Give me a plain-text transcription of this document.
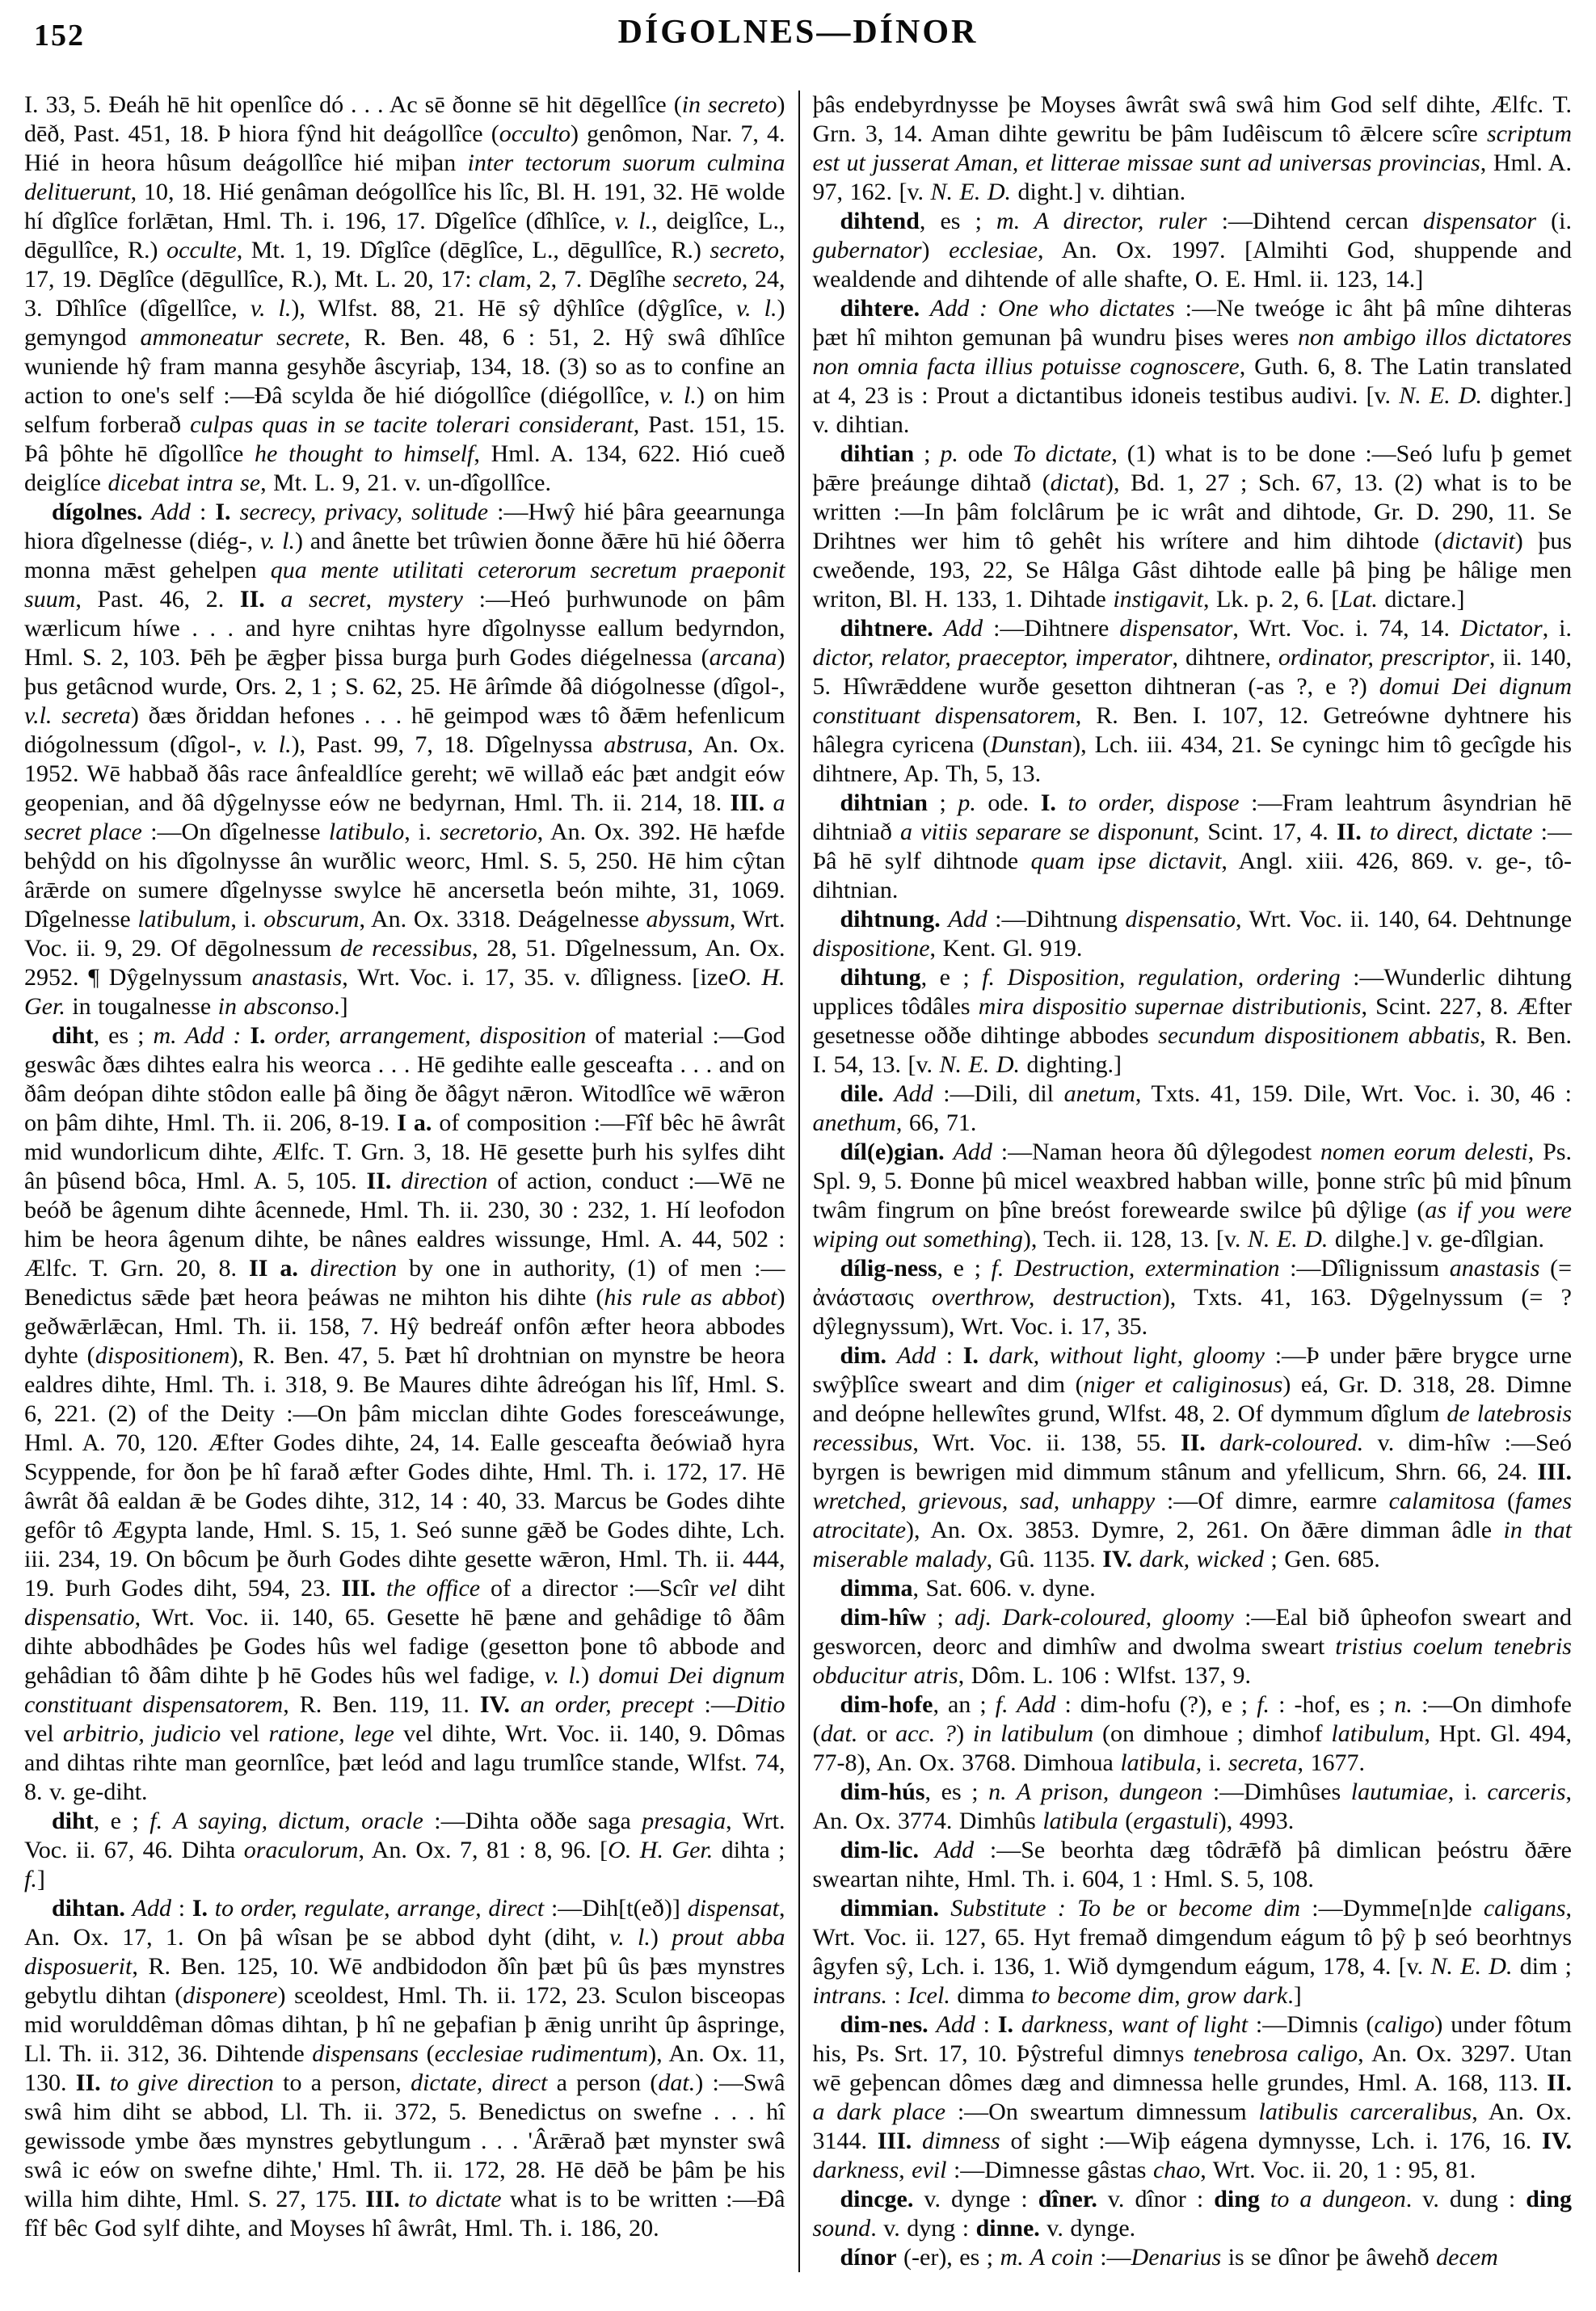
152	DÍGOLNES—DÍNOR

I. 33, 5. Ðeáh hē hit openlîce dó . . . Ac sē ðonne sē hit dēgellîce (in secreto) dēð, Past. 451, 18. Þ hiora fŷnd hit deágollîce (occulto) genômon, Nar. 7, 4. Hié in heora hûsum deágollîce hié miþan inter tectorum suorum culmina delituerunt, 10, 18. Hié genâman deógollîce his lîc, Bl. H. 191, 32. Hē wolde hí dîglîce forlǣtan, Hml. Th. i. 196, 17. Dîgelîce (dîhlîce, v. l., deiglîce, L., dēgullîce, R.) occulte, Mt. 1, 19. Dîglîce (dēglîce, L., dēgullîce, R.) secreto, 17, 19. Dēglîce (dēgullîce, R.), Mt. L. 20, 17: clam, 2, 7. Dēglîhe secreto, 24, 3. Dîhlîce (dîgellîce, v. l.), Wlfst. 88, 21. Hē sŷ dŷhlîce (dŷglîce, v. l.) gemyngod ammoneatur secrete, R. Ben. 48, 6 : 51, 2. Hŷ swâ dîhlîce wuniende hŷ fram manna gesyhðe âscyriaþ, 134, 18. (3) so as to confine an action to one's self :—Ðâ scylda ðe hié diógollîce (diégollîce, v. l.) on him selfum forberað culpas quas in se tacite tolerari considerant, Past. 151, 15. Þâ þôhte hē dîgollîce he thought to himself, Hml. A. 134, 622. Hió cueð deiglíce dicebat intra se, Mt. L. 9, 21. v. un-dîgollîce.

dígolnes. Add : I. secrecy, privacy, solitude :—Hwŷ hié þâra geearnunga hiora dîgelnesse (diég-, v. l.) and ânette bet trûwien ðonne ðǣre hū hié ôðerra monna mǣst gehelpen qua mente utilitati ceterorum secretum praeponit suum, Past. 46, 2. II. a secret, mystery :—Heó þurhwunode on þâm wærlicum híwe . . . and hyre cnihtas hyre dîgolnysse eallum bedyrndon, Hml. S. 2, 103. Þēh þe ǣgþer þissa burga þurh Godes diégelnessa (arcana) þus getâcnod wurde, Ors. 2, 1 ; S. 62, 25. Hē ârîmde ðâ diógolnesse (dîgol-, v.l. secreta) ðæs ðriddan hefones . . . hē geimpod wæs tô ðǣm hefenlicum diógolnessum (dîgol-, v. l.), Past. 99, 7, 18. Dîgelnyssa abstrusa, An. Ox. 1952. Wē habbað ðâs race ânfealdlíce gereht; wē willað eác þæt andgit eów geopenian, and ðâ dŷgelnysse eów ne bedyrnan, Hml. Th. ii. 214, 18. III. a secret place :—On dîgelnesse latibulo, i. secretorio, An. Ox. 392. Hē hæfde behŷdd on his dîgolnysse ân wurðlic weorc, Hml. S. 5, 250. Hē him cŷtan ârǣrde on sumere dîgelnysse swylce hē ancersetla beón mihte, 31, 1069. Dîgelnesse latibulum, i. obscurum, An. Ox. 3318. Deágelnesse abyssum, Wrt. Voc. ii. 9, 29. Of dēgolnessum de recessibus, 28, 51. Dîgelnessum, An. Ox. 2952. ¶ Dŷgelnyssum anastasis, Wrt. Voc. i. 17, 35. v. dîligness. [izeO. H. Ger. in tougalnesse in absconso.]

diht, es ; m. Add : I. order, arrangement, disposition of material :—God geswâc ðæs dihtes ealra his weorca . . . Hē gedihte ealle gesceafta . . . and on ðâm deópan dihte stôdon ealle þâ ðing ðe ðâgyt nǣron. Witodlîce wē wǣron on þâm dihte, Hml. Th. ii. 206, 8-19. I a. of composition :—Fîf bêc hē âwrât mid wundorlicum dihte, Ælfc. T. Grn. 3, 18. Hē gesette þurh his sylfes diht ân þûsend bôca, Hml. A. 5, 105. II. direction of action, conduct :—Wē ne beóð be âgenum dihte âcennede, Hml. Th. ii. 230, 30 : 232, 1. Hí leofodon him be heora âgenum dihte, be nânes ealdres wissunge, Hml. A. 44, 502 : Ælfc. T. Grn. 20, 8. II a. direction by one in authority, (1) of men :—Benedictus sǣde þæt heora þeáwas ne mihton his dihte (his rule as abbot) geðwǣrlǣcan, Hml. Th. ii. 158, 7. Hŷ bedreáf onfôn æfter heora abbodes dyhte (dispositionem), R. Ben. 47, 5. Þæt hî drohtnian on mynstre be heora ealdres dihte, Hml. Th. i. 318, 9. Be Maures dihte âdreógan his lîf, Hml. S. 6, 221. (2) of the Deity :—On þâm micclan dihte Godes foresceáwunge, Hml. A. 70, 120. Æfter Godes dihte, 24, 14. Ealle gesceafta ðeówiað hyra Scyppende, for ðon þe hî farað æfter Godes dihte, Hml. Th. i. 172, 17. Hē âwrât ðâ ealdan ǣ be Godes dihte, 312, 14 : 40, 33. Marcus be Godes dihte gefôr tô Ægypta lande, Hml. S. 15, 1. Seó sunne gǣð be Godes dihte, Lch. iii. 234, 19. On bôcum þe ðurh Godes dihte gesette wǣron, Hml. Th. ii. 444, 19. Þurh Godes diht, 594, 23. III. the office of a director :—Scîr vel diht dispensatio, Wrt. Voc. ii. 140, 65. Gesette hē þæne and gehâdige tô ðâm dihte abbodhâdes þe Godes hûs wel fadige (gesetton þone tô abbode and gehâdian tô ðâm dihte þ hē Godes hûs wel fadige, v. l.) domui Dei dignum constituant dispensatorem, R. Ben. 119, 11. IV. an order, precept :—Ditio vel arbitrio, judicio vel ratione, lege vel dihte, Wrt. Voc. ii. 140, 9. Dômas and dihtas rihte man geornlîce, þæt leód and lagu trumlîce stande, Wlfst. 74, 8. v. ge-diht.

diht, e ; f. A saying, dictum, oracle :—Dihta oððe saga presagia, Wrt. Voc. ii. 67, 46. Dihta oraculorum, An. Ox. 7, 81 : 8, 96. [O. H. Ger. dihta ; f.]

dihtan. Add : I. to order, regulate, arrange, direct :—Dih[t(eð)] dispensat, An. Ox. 17, 1. On þâ wîsan þe se abbod dyht (diht, v. l.) prout abba disposuerit, R. Ben. 125, 10. Wē andbidodon ðîn þæt þû ûs þæs mynstres gebytlu dihtan (disponere) sceoldest, Hml. Th. ii. 172, 23. Sculon bisceopas mid worulddêman dômas dihtan, þ hî ne geþafian þ ǣnig unriht ûp âspringe, Ll. Th. ii. 312, 36. Dihtende dispensans (ecclesiae rudimentum), An. Ox. 11, 130. II. to give direction to a person, dictate, direct a person (dat.) :—Swâ swâ him diht se abbod, Ll. Th. ii. 372, 5. Benedictus on swefne . . . hî gewissode ymbe ðæs mynstres gebytlungum . . . 'Ârǣrað þæt mynster swâ swâ ic eów on swefne dihte,' Hml. Th. ii. 172, 28. Hē dēð be þâm þe his willa him dihte, Hml. S. 27, 175. III. to dictate what is to be written :—Ðâ fîf bêc God sylf dihte, and Moyses hî âwrât, Hml. Th. i. 186, 20.

þâs endebyrdnysse þe Moyses âwrât swâ swâ him God self dihte, Ælfc. T. Grn. 3, 14. Aman dihte gewritu be þâm Iudêiscum tô ǣlcere scîre scriptum est ut jusserat Aman, et litterae missae sunt ad universas provincias, Hml. A. 97, 162. [v. N. E. D. dight.] v. dihtian.

dihtend, es ; m. A director, ruler :—Dihtend cercan dispensator (i. gubernator) ecclesiae, An. Ox. 1997. [Almihti God, shuppende and wealdende and dihtende of alle shafte, O. E. Hml. ii. 123, 14.]

dihtere. Add : One who dictates :—Ne tweóge ic âht þâ mîne dihteras þæt hî mihton gemunan þâ wundru þises weres non ambigo illos dictatores non omnia facta illius potuisse cognoscere, Guth. 6, 8. The Latin translated at 4, 23 is : Prout a dictantibus idoneis testibus audivi. [v. N. E. D. dighter.] v. dihtian.

dihtian ; p. ode To dictate, (1) what is to be done :—Seó lufu þ gemet þǣre þreáunge dihtað (dictat), Bd. 1, 27 ; Sch. 67, 13. (2) what is to be written :—In þâm folclârum þe ic wrât and dihtode, Gr. D. 290, 11. Se Drihtnes wer him tô gehêt his wrítere and him dihtode (dictavit) þus cweðende, 193, 22, Se Hâlga Gâst dihtode ealle þâ þing þe hâlige men writon, Bl. H. 133, 1. Dihtade instigavit, Lk. p. 2, 6. [Lat. dictare.]

dihtnere. Add :—Dihtnere dispensator, Wrt. Voc. i. 74, 14. Dictator, i. dictor, relator, praeceptor, imperator, dihtnere, ordinator, prescriptor, ii. 140, 5. Hîwrǣddene wurðe gesetton dihtneran (-as ?, e ?) domui Dei dignum constituant dispensatorem, R. Ben. I. 107, 12. Getreówne dyhtnere his hâlegra cyricena (Dunstan), Lch. iii. 434, 21. Se cyningc him tô gecîgde his dihtnere, Ap. Th, 5, 13.

dihtnian ; p. ode. I. to order, dispose :—Fram leahtrum âsyndrian hē dihtniað a vitiis separare se disponunt, Scint. 17, 4. II. to direct, dictate :—Þâ hē sylf dihtnode quam ipse dictavit, Angl. xiii. 426, 869. v. ge-, tô-dihtnian.

dihtnung. Add :—Dihtnung dispensatio, Wrt. Voc. ii. 140, 64. Dehtnunge dispositione, Kent. Gl. 919.

dihtung, e ; f. Disposition, regulation, ordering :—Wunderlic dihtung upplices tôdâles mira dispositio supernae distributionis, Scint. 227, 8. Æfter gesetnesse oððe dihtinge abbodes secundum dispositionem abbatis, R. Ben. I. 54, 13. [v. N. E. D. dighting.]

dile. Add :—Dili, dil anetum, Txts. 41, 159. Dile, Wrt. Voc. i. 30, 46 : anethum, 66, 71.

díl(e)gian. Add :—Naman heora ðû dŷlegodest nomen eorum delesti, Ps. Spl. 9, 5. Ðonne þû micel weaxbred habban wille, þonne strîc þû mid þînum twâm fingrum on þîne breóst forewearde swilce þû dŷlige (as if you were wiping out something), Tech. ii. 128, 13. [v. N. E. D. dilghe.] v. ge-dîlgian.

dílig-ness, e ; f. Destruction, extermination :—Dîlignissum anastasis (= ἀνάστασις overthrow, destruction), Txts. 41, 163. Dŷgelnyssum (= ? dŷlegnyssum), Wrt. Voc. i. 17, 35.

dim. Add : I. dark, without light, gloomy :—Þ under þǣre brygce urne swŷþlîce sweart and dim (niger et caliginosus) eá, Gr. D. 318, 28. Dimne and deópne hellewîtes grund, Wlfst. 48, 2. Of dymmum dîglum de latebrosis recessibus, Wrt. Voc. ii. 138, 55. II. dark-coloured. v. dim-hîw :—Seó byrgen is bewrigen mid dimmum stânum and yfellicum, Shrn. 66, 24. III. wretched, grievous, sad, unhappy :—Of dimre, earmre calamitosa (fames atrocitate), An. Ox. 3853. Dymre, 2, 261. On ðǣre dimman âdle in that miserable malady, Gû. 1135. IV. dark, wicked ; Gen. 685.

dimma, Sat. 606. v. dyne.

dim-hîw ; adj. Dark-coloured, gloomy :—Eal bið ûpheofon sweart and gesworcen, deorc and dimhîw and dwolma sweart tristius coelum tenebris obducitur atris, Dôm. L. 106 : Wlfst. 137, 9.

dim-hofe, an ; f. Add : dim-hofu (?), e ; f. : -hof, es ; n. :—On dimhofe (dat. or acc. ?) in latibulum (on dimhoue ; dimhof latibulum, Hpt. Gl. 494, 77-8), An. Ox. 3768. Dimhoua latibula, i. secreta, 1677.

dim-hús, es ; n. A prison, dungeon :—Dimhûses lautumiae, i. carceris, An. Ox. 3774. Dimhûs latibula (ergastuli), 4993.

dim-lic. Add :—Se beorhta dæg tôdrǣfð þâ dimlican þeóstru ðǣre sweartan nihte, Hml. Th. i. 604, 1 : Hml. S. 5, 108.

dimmian. Substitute : To be or become dim :—Dymme[n]de caligans, Wrt. Voc. ii. 127, 65. Hyt fremað dimgendum eágum tô þŷ þ seó beorhtnys âgyfen sŷ, Lch. i. 136, 1. Wið dymgendum eágum, 178, 4. [v. N. E. D. dim ; intrans. : Icel. dimma to become dim, grow dark.]

dim-nes. Add : I. darkness, want of light :—Dimnis (caligo) under fôtum his, Ps. Srt. 17, 10. Þŷstreful dimnys tenebrosa caligo, An. Ox. 3297. Utan wē geþencan dômes dæg and dimnessa helle grundes, Hml. A. 168, 113. II. a dark place :—On sweartum dimnessum latibulis carceralibus, An. Ox. 3144. III. dimness of sight :—Wiþ eágena dymnysse, Lch. i. 176, 16. IV. darkness, evil :—Dimnesse gâstas chao, Wrt. Voc. ii. 20, 1 : 95, 81.

dincge. v. dynge : dîner. v. dînor : ding to a dungeon. v. dung : ding sound. v. dyng : dinne. v. dynge.

dínor (-er), es ; m. A coin :—Denarius is se dînor þe âwehð decem
